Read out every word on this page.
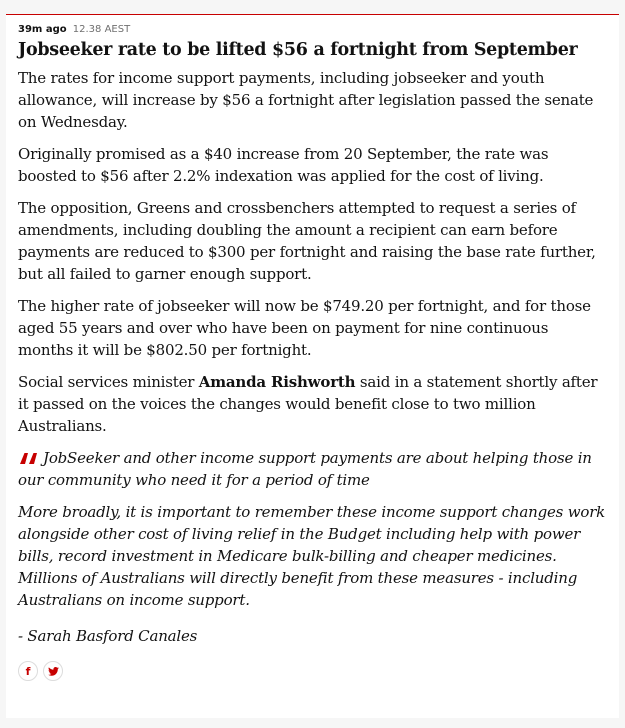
39m ago 12.38 AEST
Jobseeker rate to be lifted $56 a fortnight from September

The rates for income support payments, including jobseeker and youth allowance, will increase by $56 a fortnight after legislation passed the senate on Wednesday.

Originally promised as a $40 increase from 20 September, the rate was boosted to $56 after 2.2% indexation was applied for the cost of living.

The opposition, Greens and crossbenchers attempted to request a series of amendments, including doubling the amount a recipient can earn before payments are reduced to $300 per fortnight and raising the base rate further, but all failed to garner enough support.

The higher rate of jobseeker will now be $749.20 per fortnight, and for those aged 55 years and over who have been on payment for nine continuous months it will be $802.50 per fortnight.

Social services minister Amanda Rishworth said in a statement shortly after it passed on the voices the changes would benefit close to two million Australians.

JobSeeker and other income support payments are about helping those in our community who need it for a period of time

More broadly, it is important to remember these income support changes work alongside other cost of living relief in the Budget including help with power bills, record investment in Medicare bulk-billing and cheaper medicines. Millions of Australians will directly benefit from these measures - including Australians on income support.

- Sarah Basford Canales

f
